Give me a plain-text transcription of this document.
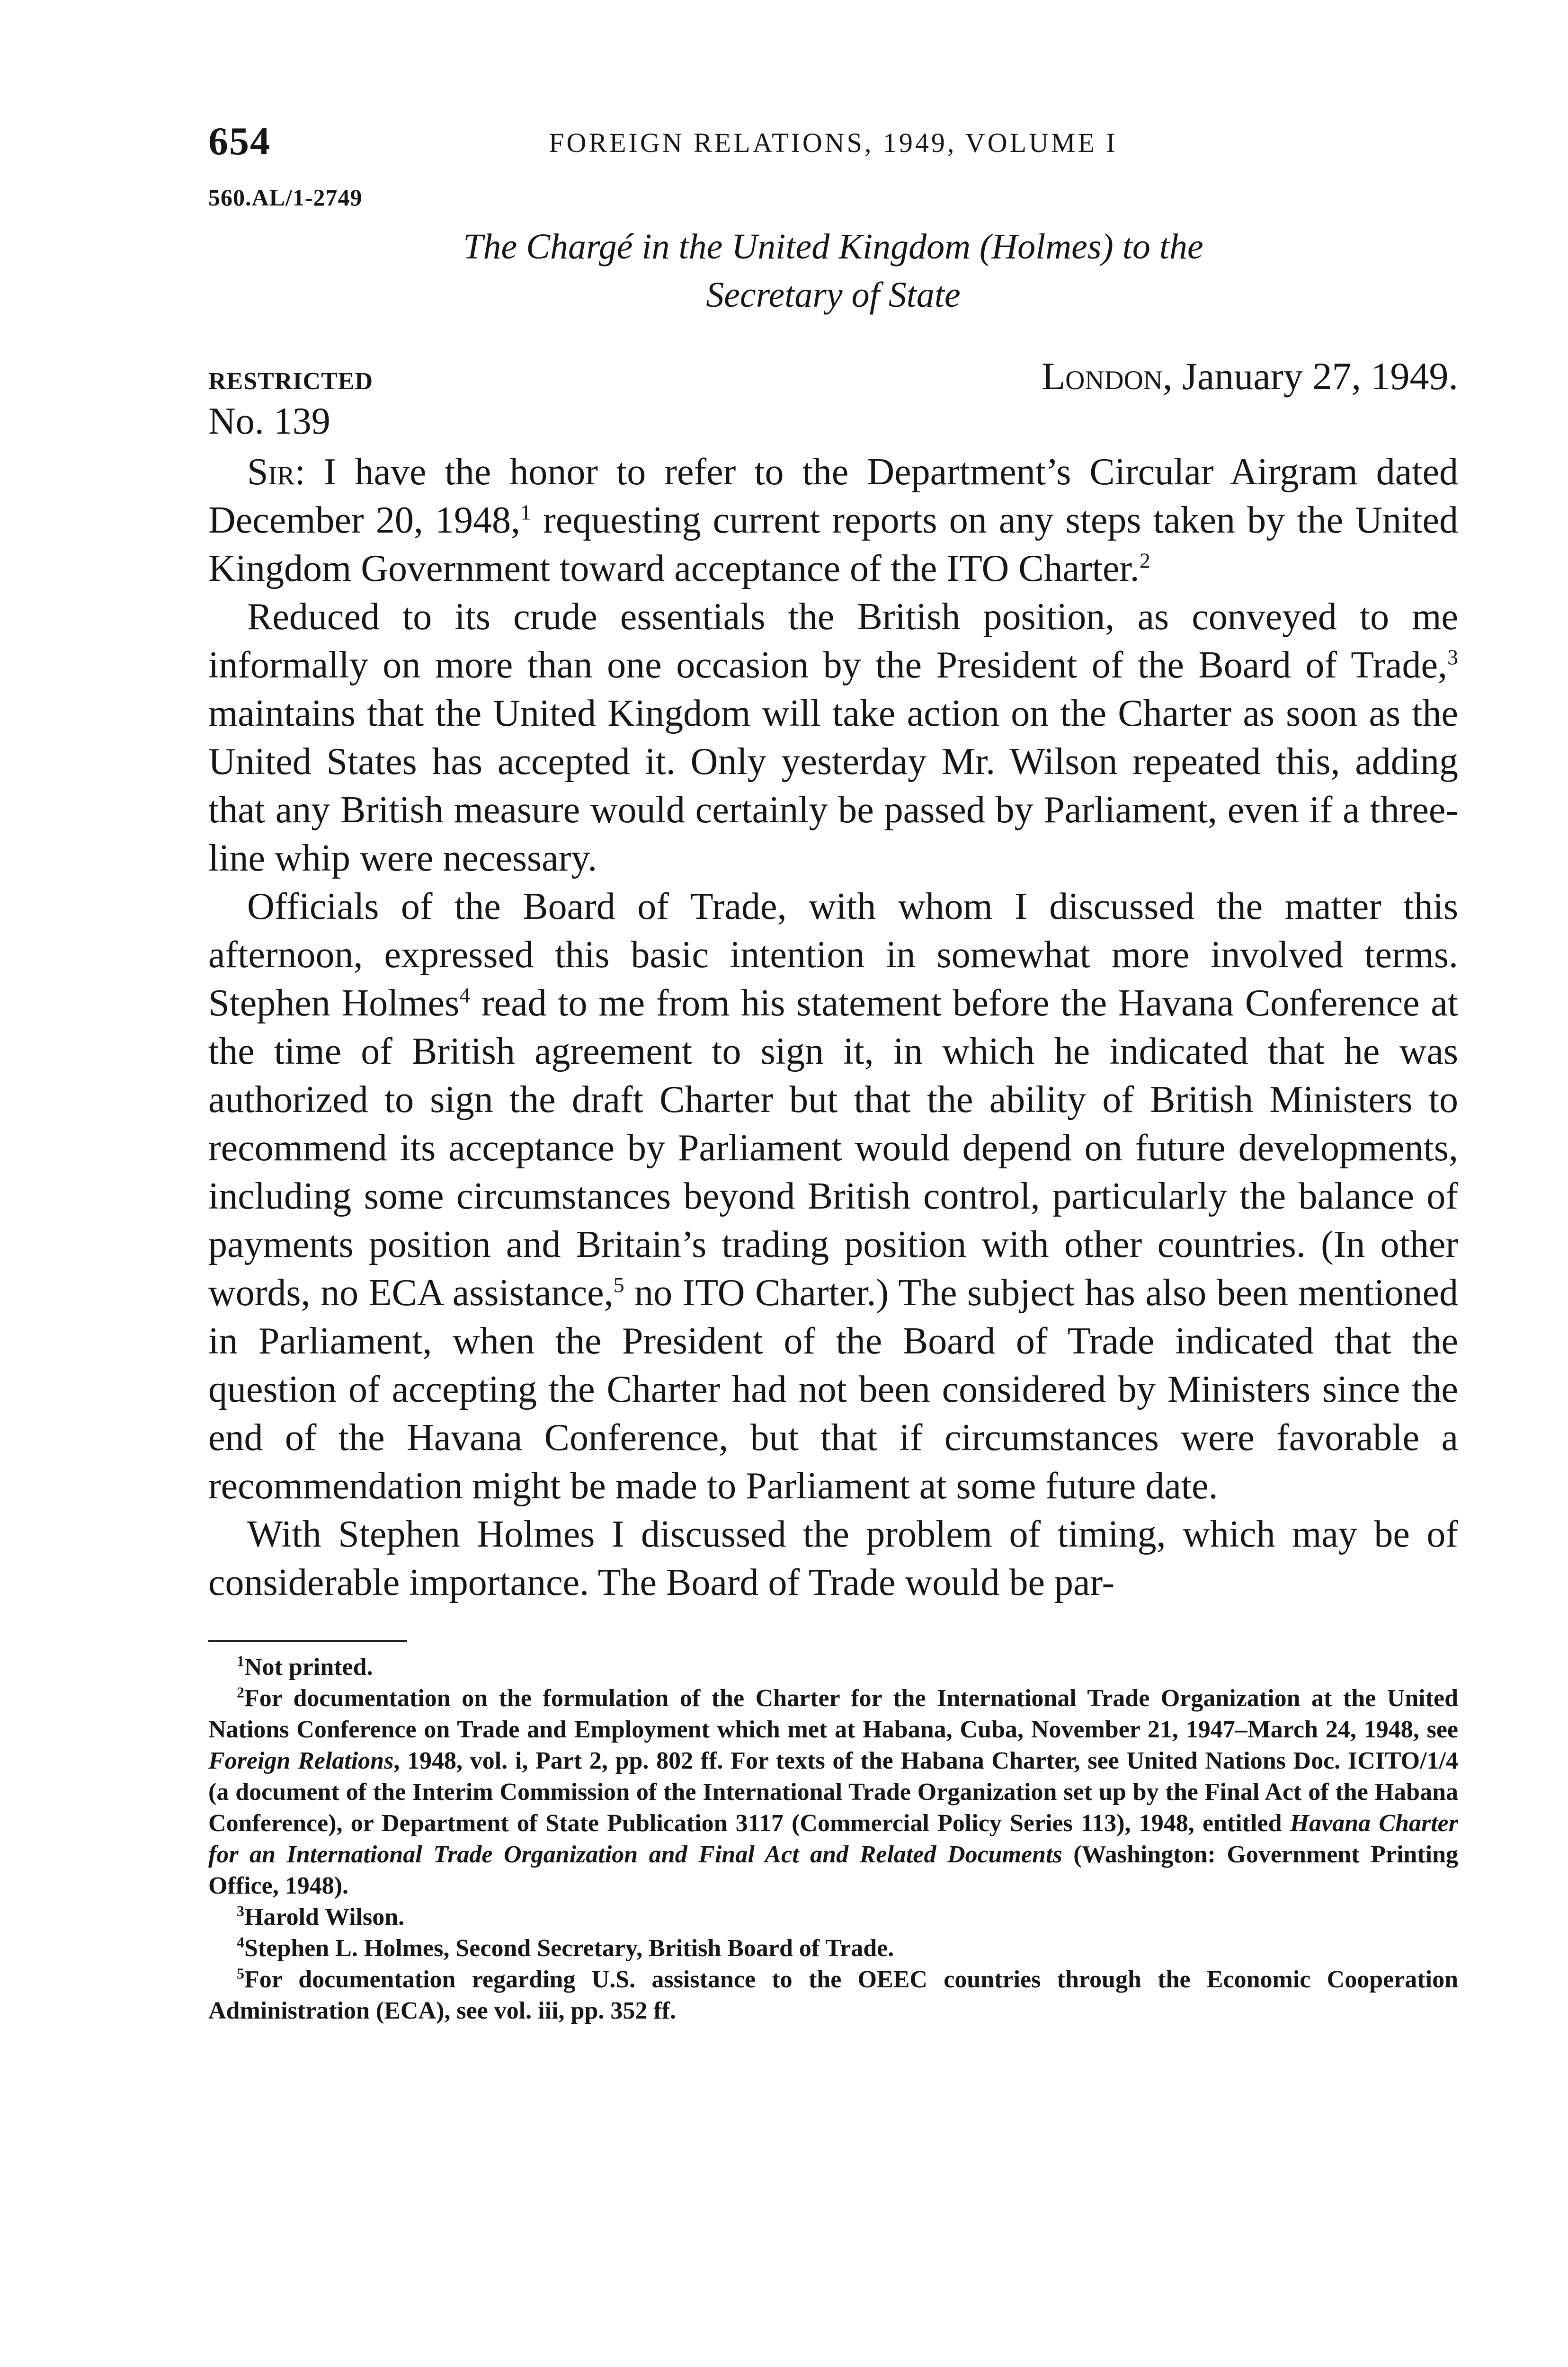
654	FOREIGN RELATIONS, 1949, VOLUME I
560.AL/1-2749
The Chargé in the United Kingdom (Holmes) to the
Secretary of State
RESTRICTED	London, January 27, 1949.
No. 139

Sir: I have the honor to refer to the Department’s Circular Airgram dated December 20, 1948,$^1$ requesting current reports on any steps taken by the United Kingdom Government toward acceptance of the ITO Charter.$^2$

Reduced to its crude essentials the British position, as conveyed to me informally on more than one occasion by the President of the Board of Trade,$^3$ maintains that the United Kingdom will take action on the Charter as soon as the United States has accepted it. Only yesterday Mr. Wilson repeated this, adding that any British measure would certainly be passed by Parliament, even if a three-line whip were necessary.

Officials of the Board of Trade, with whom I discussed the matter this afternoon, expressed this basic intention in somewhat more involved terms. Stephen Holmes$^4$ read to me from his statement before the Havana Conference at the time of British agreement to sign it, in which he indicated that he was authorized to sign the draft Charter but that the ability of British Ministers to recommend its acceptance by Parliament would depend on future developments, including some circumstances beyond British control, particularly the balance of payments position and Britain’s trading position with other countries. (In other words, no ECA assistance,$^5$ no ITO Charter.) The subject has also been mentioned in Parliament, when the President of the Board of Trade indicated that the question of accepting the Charter had not been considered by Ministers since the end of the Havana Conference, but that if circumstances were favorable a recommendation might be made to Parliament at some future date.

With Stephen Holmes I discussed the problem of timing, which may be of considerable importance. The Board of Trade would be par-

$^1$Not printed.

$^2$For documentation on the formulation of the Charter for the International Trade Organization at the United Nations Conference on Trade and Employment which met at Habana, Cuba, November 21, 1947–March 24, 1948, see Foreign Relations, 1948, vol. i, Part 2, pp. 802 ff. For texts of the Habana Charter, see United Nations Doc. ICITO/1/4 (a document of the Interim Commission of the International Trade Organization set up by the Final Act of the Habana Conference), or Department of State Publication 3117 (Commercial Policy Series 113), 1948, entitled Havana Charter for an International Trade Organization and Final Act and Related Documents (Washington: Government Printing Office, 1948).

$^3$Harold Wilson.

$^4$Stephen L. Holmes, Second Secretary, British Board of Trade.

$^5$For documentation regarding U.S. assistance to the OEEC countries through the Economic Cooperation Administration (ECA), see vol. iii, pp. 352 ff.
